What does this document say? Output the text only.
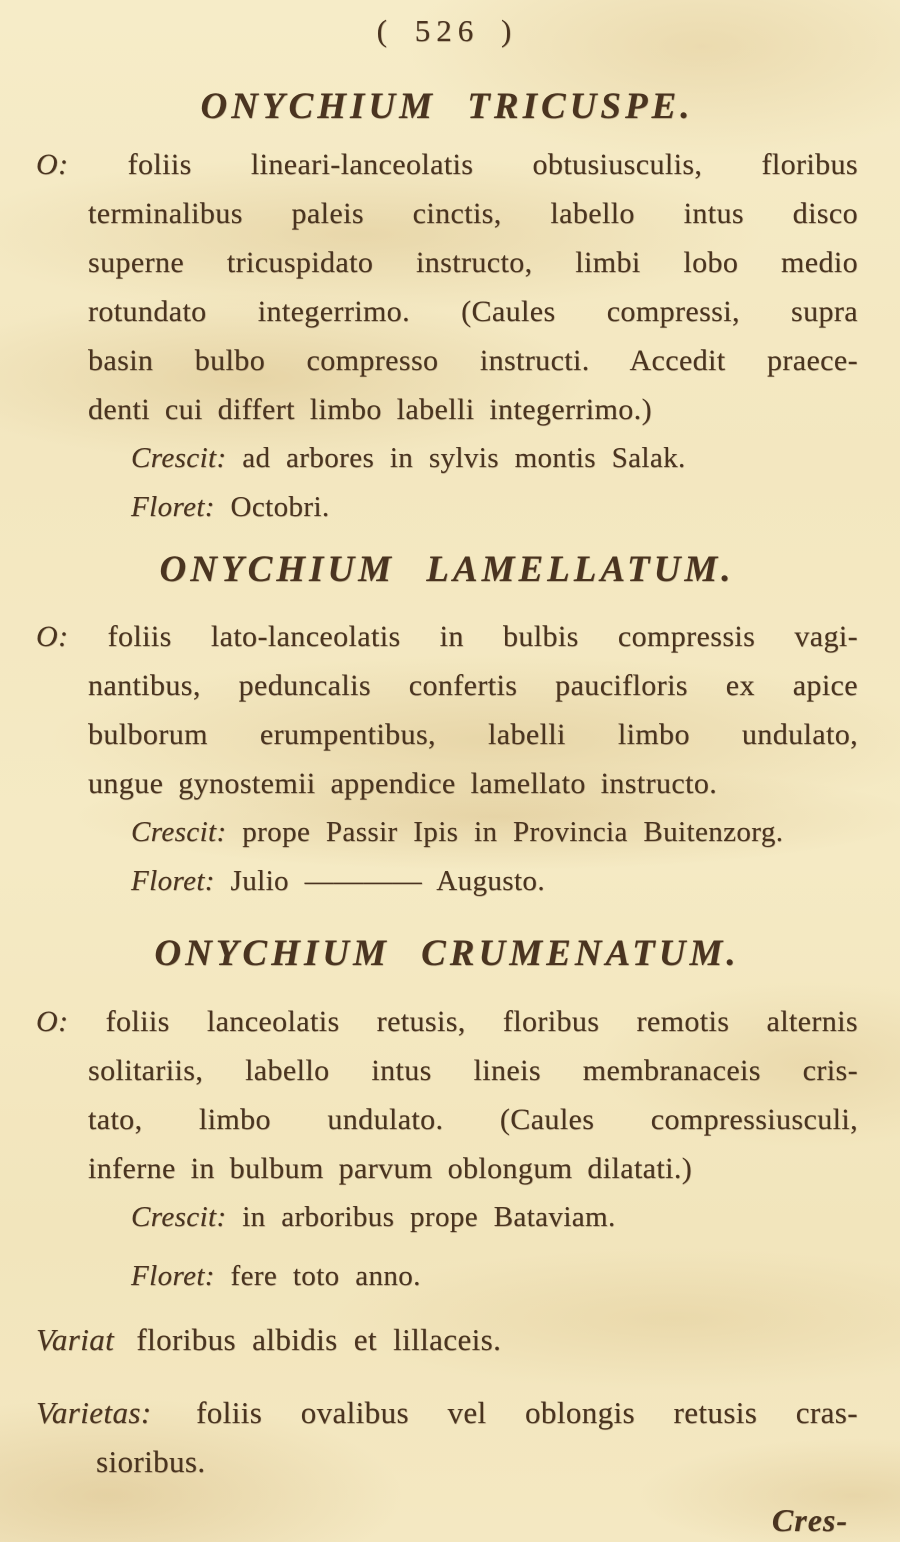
( 526 )
ONYCHIUM TRICUSPE.
O: foliis lineari-lanceolatis obtusiusculis, floribus
terminalibus paleis cinctis, labello intus disco
superne tricuspidato instructo, limbi lobo medio
rotundato integerrimo. (Caules compressi, supra
basin bulbo compresso instructi. Accedit praece-
denti cui differt limbo labelli integerrimo.)
Crescit: ad arbores in sylvis montis Salak.
Floret: Octobri.
ONYCHIUM LAMELLATUM.
O: foliis lato-lanceolatis in bulbis compressis vagi-
nantibus, peduncalis confertis paucifloris ex apice
bulborum erumpentibus, labelli limbo undulato,
ungue gynostemii appendice lamellato instructo.
Crescit: prope Passir Ipis in Provincia Buitenzorg.
Floret: Julio ———— Augusto.
ONYCHIUM CRUMENATUM.
O: foliis lanceolatis retusis, floribus remotis alternis
solitariis, labello intus lineis membranaceis cris-
tato, limbo undulato. (Caules compressiusculi,
inferne in bulbum parvum oblongum dilatati.)
Crescit: in arboribus prope Bataviam.
Floret: fere toto anno.
Variat floribus albidis et lillaceis.
Varietas: foliis ovalibus vel oblongis retusis cras-
sioribus.
Cres-
